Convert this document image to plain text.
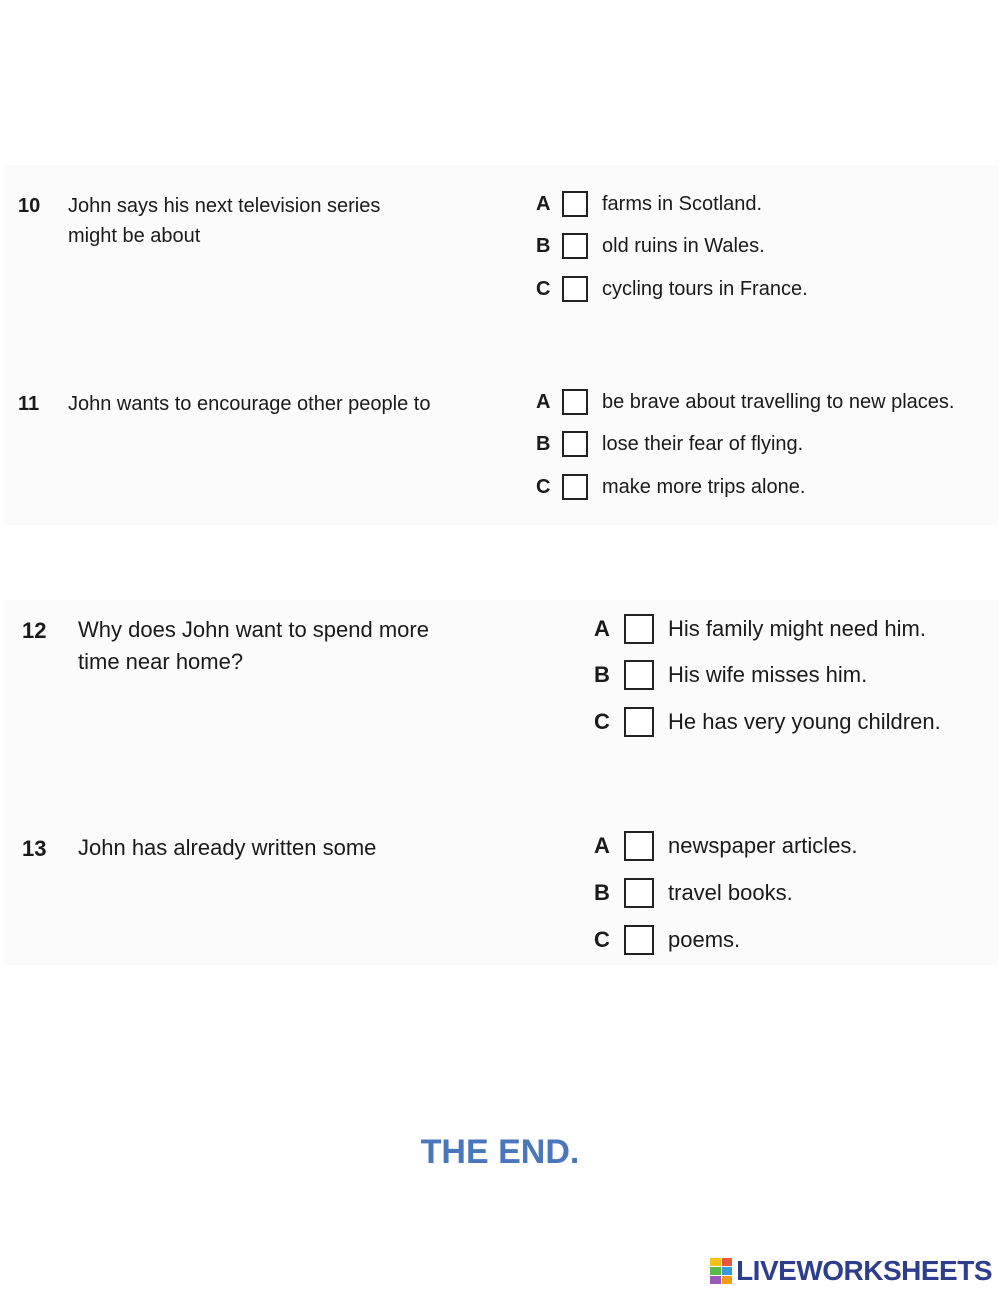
10 John says his next television series
might be about
A	farms in Scotland.
B	old ruins in Wales.
C	cycling tours in France.
11 John wants to encourage other people to	A	be brave about travelling to new places.
B	lose their fear of flying.
C	make more trips alone.
12 Why does John want to spend more
time near home?
A	His family might need him.
B	His wife misses him.
C	He has very young children.
13 John has already written some	A	newspaper articles.
B	travel books.
C	poems.
THE END.
LIVEWORKSHEETS
